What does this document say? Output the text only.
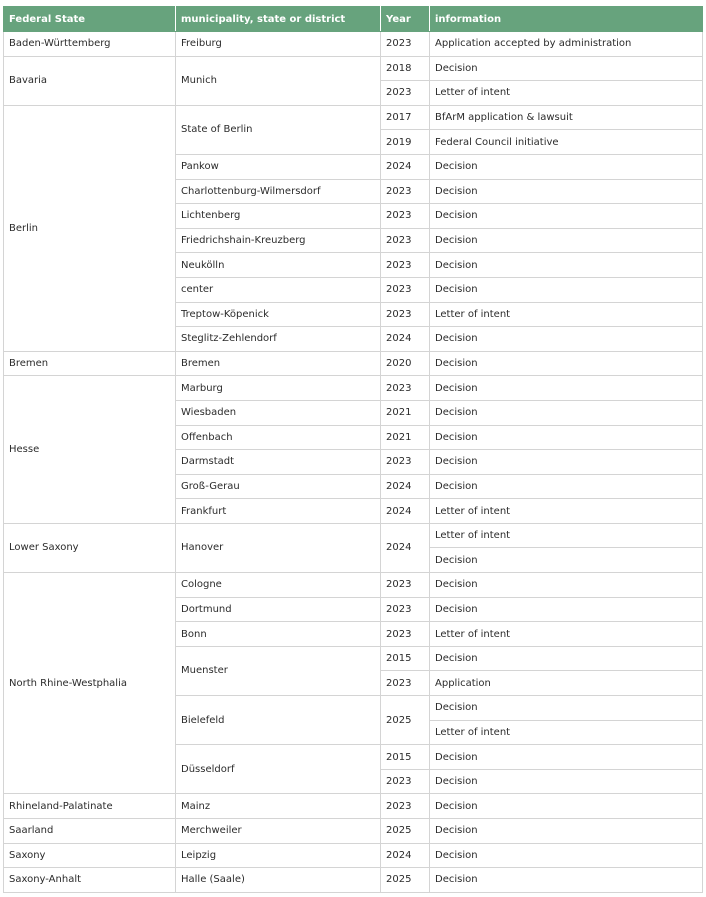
Federal State	municipality, state or district	Year	information
Baden-Württemberg	Freiburg	2023	Application accepted by administration
Bavaria	Munich	2018	Decision
		2023	Letter of intent
Berlin	State of Berlin	2017	BfArM application & lawsuit
		2019	Federal Council initiative
	Pankow	2024	Decision
	Charlottenburg-Wilmersdorf	2023	Decision
	Lichtenberg	2023	Decision
	Friedrichshain-Kreuzberg	2023	Decision
	Neukölln	2023	Decision
	center	2023	Decision
	Treptow-Köpenick	2023	Letter of intent
	Steglitz-Zehlendorf	2024	Decision
Bremen	Bremen	2020	Decision
Hesse	Marburg	2023	Decision
	Wiesbaden	2021	Decision
	Offenbach	2021	Decision
	Darmstadt	2023	Decision
	Groß-Gerau	2024	Decision
	Frankfurt	2024	Letter of intent
Lower Saxony	Hanover	2024	Letter of intent
			Decision
North Rhine-Westphalia	Cologne	2023	Decision
	Dortmund	2023	Decision
	Bonn	2023	Letter of intent
	Muenster	2015	Decision
		2023	Application
	Bielefeld	2025	Decision
			Letter of intent
	Düsseldorf	2015	Decision
		2023	Decision
Rhineland-Palatinate	Mainz	2023	Decision
Saarland	Merchweiler	2025	Decision
Saxony	Leipzig	2024	Decision
Saxony-Anhalt	Halle (Saale)	2025	Decision
